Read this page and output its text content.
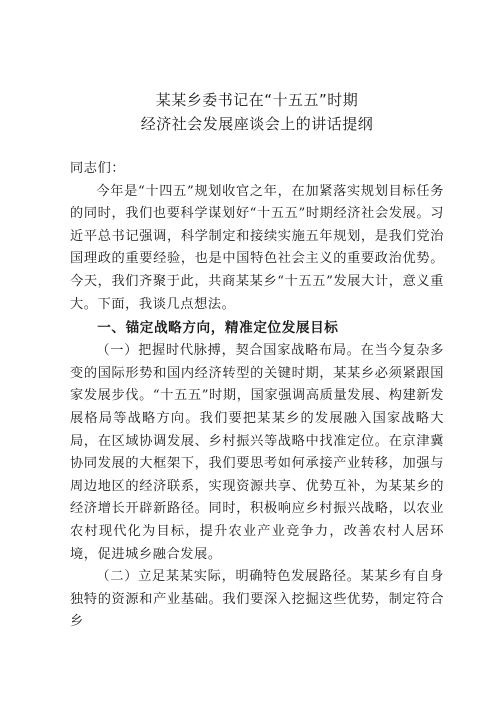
某某乡委书记在“十五五”时期
经济社会发展座谈会上的讲话提纲

同志们：

今年是“十四五”规划收官之年，在加紧落实规划目标任务的同时，我们也要科学谋划好“十五五”时期经济社会发展。习近平总书记强调，科学制定和接续实施五年规划，是我们党治国理政的重要经验，也是中国特色社会主义的重要政治优势。今天，我们齐聚于此，共商某某乡“十五五”发展大计，意义重大。下面，我谈几点想法。

一、锚定战略方向，精准定位发展目标

（一）把握时代脉搏，契合国家战略布局。在当今复杂多变的国际形势和国内经济转型的关键时期，某某乡必须紧跟国家发展步伐。“十五五”时期，国家强调高质量发展、构建新发展格局等战略方向。我们要把某某乡的发展融入国家战略大局，在区域协调发展、乡村振兴等战略中找准定位。在京津冀协同发展的大框架下，我们要思考如何承接产业转移，加强与周边地区的经济联系，实现资源共享、优势互补，为某某乡的经济增长开辟新路径。同时，积极响应乡村振兴战略，以农业农村现代化为目标，提升农业产业竞争力，改善农村人居环境，促进城乡融合发展。

（二）立足某某实际，明确特色发展路径。某某乡有自身独特的资源和产业基础。我们要深入挖掘这些优势，制定符合乡
